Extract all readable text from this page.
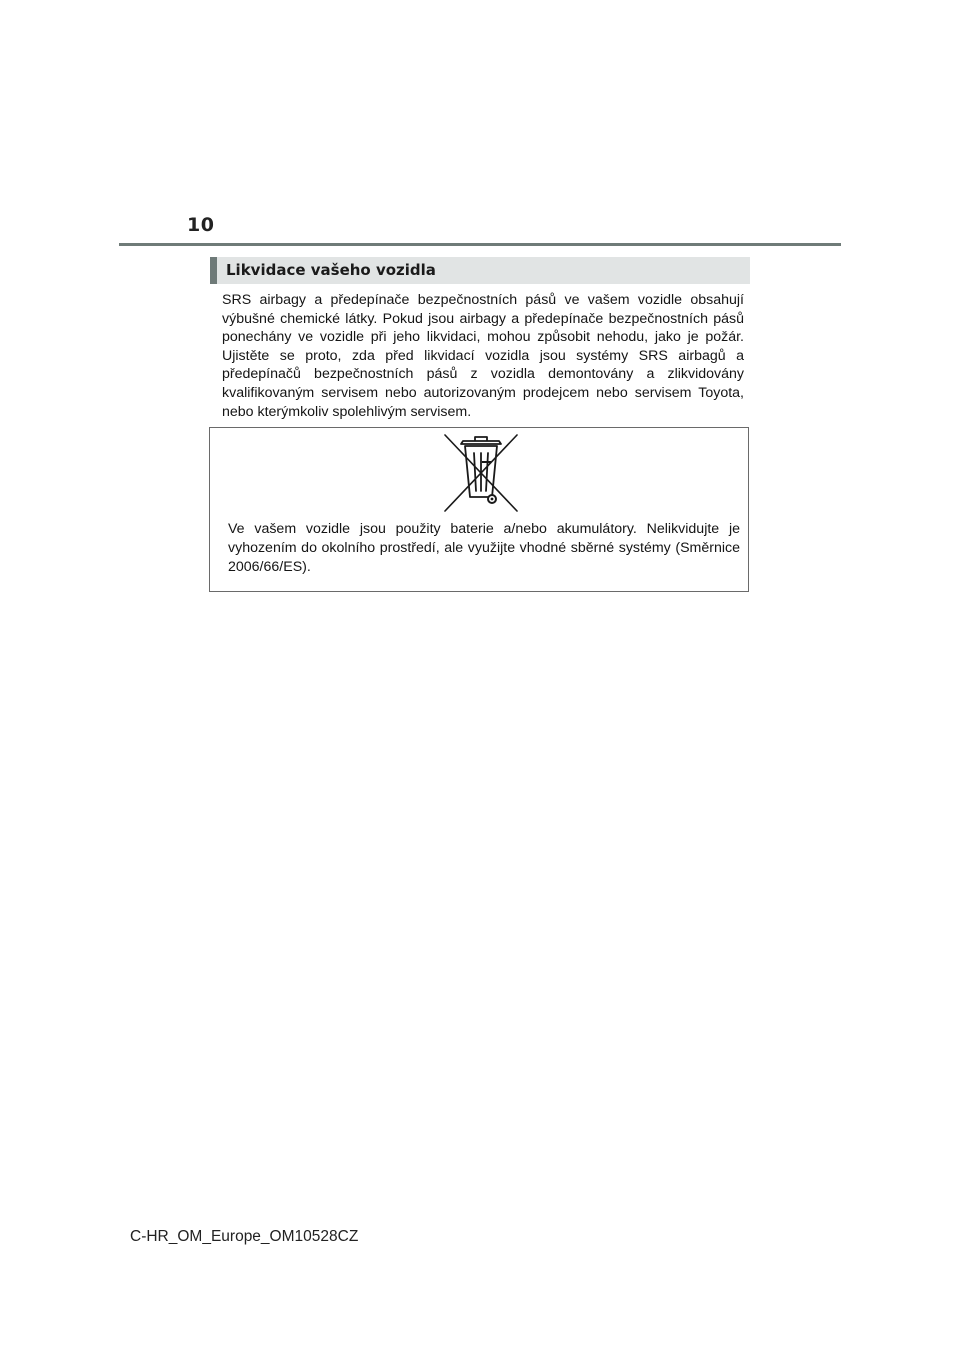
10
Likvidace vašeho vozidla
SRS airbagy a předepínače bezpečnostních pásů ve vašem vozidle obsahují výbušné chemické látky. Pokud jsou airbagy a předepínače bezpečnostních pásů ponechány ve vozidle při jeho likvidaci, mohou způsobit nehodu, jako je požár. Ujistěte se proto, zda před likvidací vozidla jsou systémy SRS airbagů a předepínačů bezpečnostních pásů z vozidla demontovány a zlikvidovány kvalifikovaným servisem nebo autorizovaným prodejcem nebo servisem Toyota, nebo kterýmkoliv spolehlivým servisem.
Ve vašem vozidle jsou použity baterie a/nebo akumulátory. Nelikvidujte je vyhozením do okolního prostředí, ale využijte vhodné sběrné systémy (Směrnice 2006/66/ES).
C-HR_OM_Europe_OM10528CZ
